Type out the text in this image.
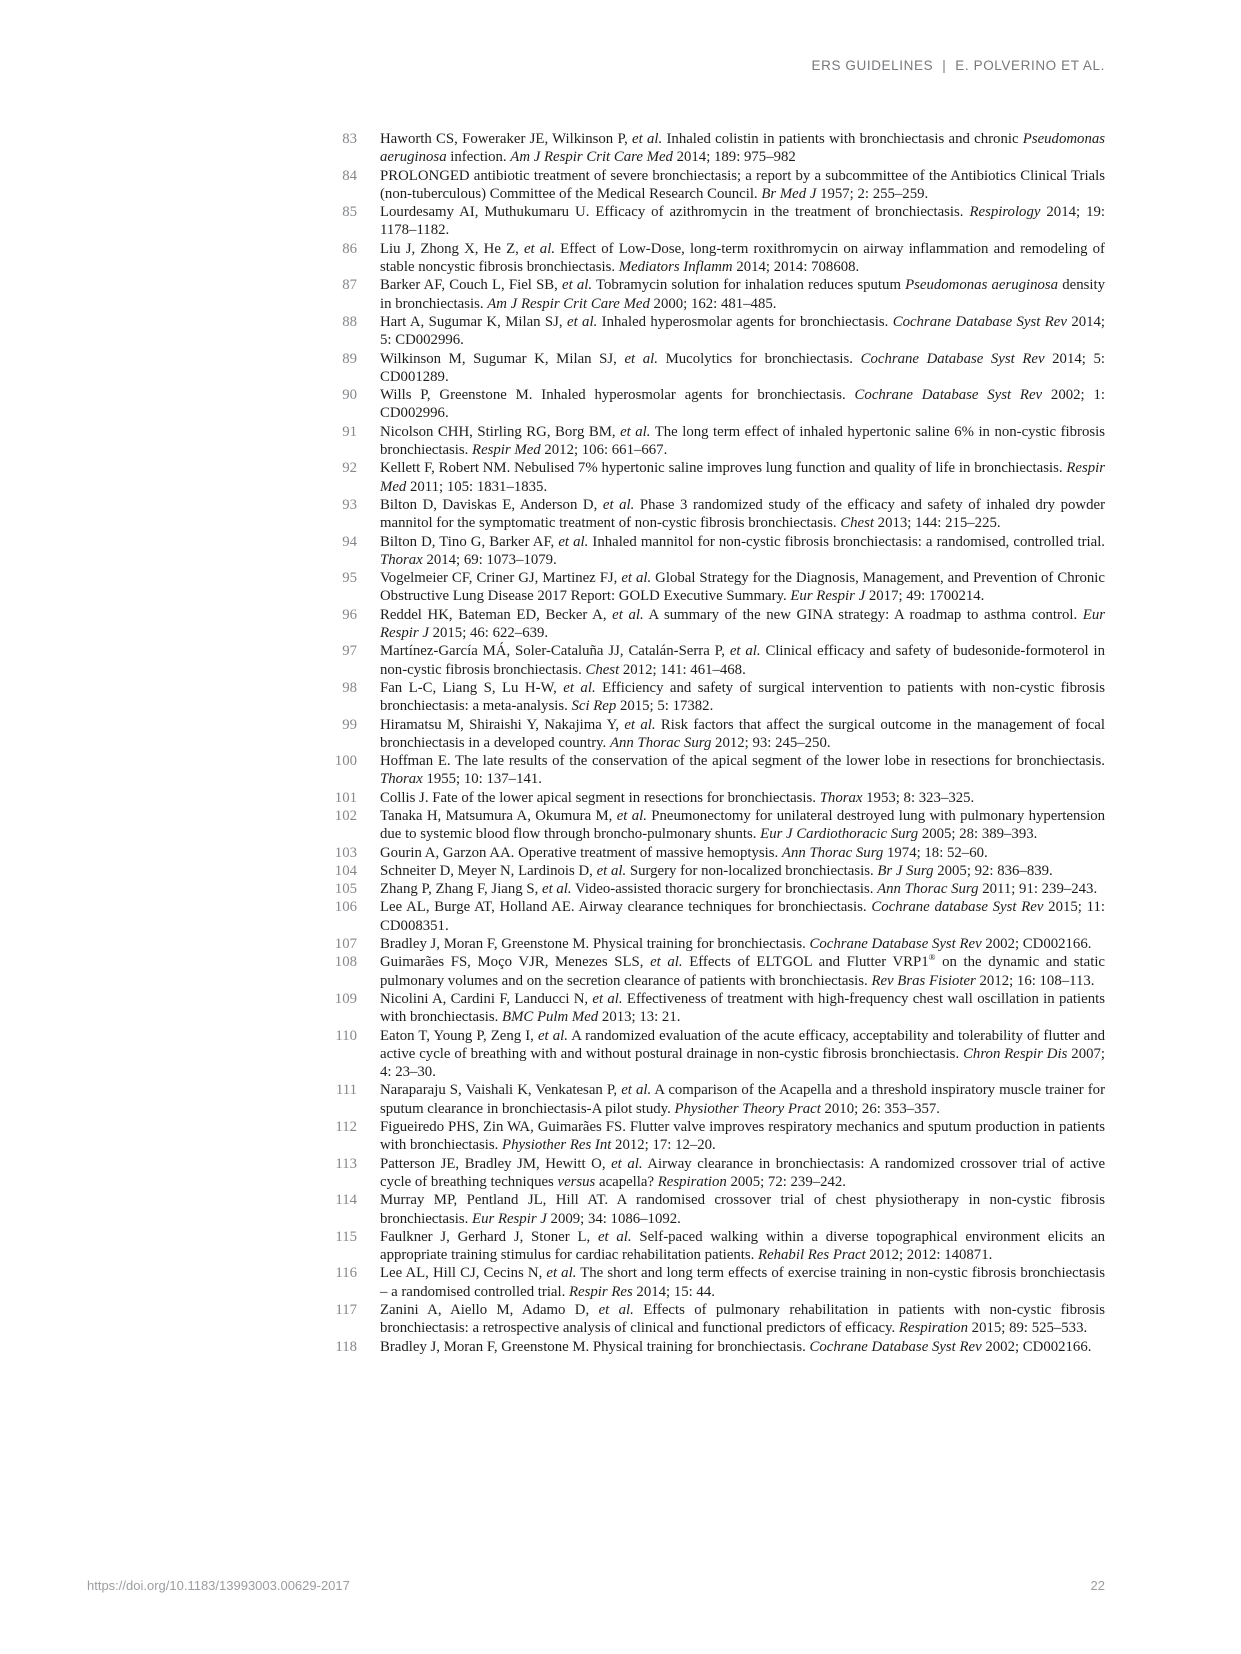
ERS GUIDELINES | E. POLVERINO ET AL.
83 Haworth CS, Foweraker JE, Wilkinson P, et al. Inhaled colistin in patients with bronchiectasis and chronic Pseudomonas aeruginosa infection. Am J Respir Crit Care Med 2014; 189: 975–982
84 PROLONGED antibiotic treatment of severe bronchiectasis; a report by a subcommittee of the Antibiotics Clinical Trials (non-tuberculous) Committee of the Medical Research Council. Br Med J 1957; 2: 255–259.
85 Lourdesamy AI, Muthukumaru U. Efficacy of azithromycin in the treatment of bronchiectasis. Respirology 2014; 19: 1178–1182.
86 Liu J, Zhong X, He Z, et al. Effect of Low-Dose, long-term roxithromycin on airway inflammation and remodeling of stable noncystic fibrosis bronchiectasis. Mediators Inflamm 2014; 2014: 708608.
87 Barker AF, Couch L, Fiel SB, et al. Tobramycin solution for inhalation reduces sputum Pseudomonas aeruginosa density in bronchiectasis. Am J Respir Crit Care Med 2000; 162: 481–485.
88 Hart A, Sugumar K, Milan SJ, et al. Inhaled hyperosmolar agents for bronchiectasis. Cochrane Database Syst Rev 2014; 5: CD002996.
89 Wilkinson M, Sugumar K, Milan SJ, et al. Mucolytics for bronchiectasis. Cochrane Database Syst Rev 2014; 5: CD001289.
90 Wills P, Greenstone M. Inhaled hyperosmolar agents for bronchiectasis. Cochrane Database Syst Rev 2002; 1: CD002996.
91 Nicolson CHH, Stirling RG, Borg BM, et al. The long term effect of inhaled hypertonic saline 6% in non-cystic fibrosis bronchiectasis. Respir Med 2012; 106: 661–667.
92 Kellett F, Robert NM. Nebulised 7% hypertonic saline improves lung function and quality of life in bronchiectasis. Respir Med 2011; 105: 1831–1835.
93 Bilton D, Daviskas E, Anderson D, et al. Phase 3 randomized study of the efficacy and safety of inhaled dry powder mannitol for the symptomatic treatment of non-cystic fibrosis bronchiectasis. Chest 2013; 144: 215–225.
94 Bilton D, Tino G, Barker AF, et al. Inhaled mannitol for non-cystic fibrosis bronchiectasis: a randomised, controlled trial. Thorax 2014; 69: 1073–1079.
95 Vogelmeier CF, Criner GJ, Martinez FJ, et al. Global Strategy for the Diagnosis, Management, and Prevention of Chronic Obstructive Lung Disease 2017 Report: GOLD Executive Summary. Eur Respir J 2017; 49: 1700214.
96 Reddel HK, Bateman ED, Becker A, et al. A summary of the new GINA strategy: A roadmap to asthma control. Eur Respir J 2015; 46: 622–639.
97 Martínez-García MÁ, Soler-Cataluña JJ, Catalán-Serra P, et al. Clinical efficacy and safety of budesonide-formoterol in non-cystic fibrosis bronchiectasis. Chest 2012; 141: 461–468.
98 Fan L-C, Liang S, Lu H-W, et al. Efficiency and safety of surgical intervention to patients with non-cystic fibrosis bronchiectasis: a meta-analysis. Sci Rep 2015; 5: 17382.
99 Hiramatsu M, Shiraishi Y, Nakajima Y, et al. Risk factors that affect the surgical outcome in the management of focal bronchiectasis in a developed country. Ann Thorac Surg 2012; 93: 245–250.
100 Hoffman E. The late results of the conservation of the apical segment of the lower lobe in resections for bronchiectasis. Thorax 1955; 10: 137–141.
101 Collis J. Fate of the lower apical segment in resections for bronchiectasis. Thorax 1953; 8: 323–325.
102 Tanaka H, Matsumura A, Okumura M, et al. Pneumonectomy for unilateral destroyed lung with pulmonary hypertension due to systemic blood flow through broncho-pulmonary shunts. Eur J Cardiothoracic Surg 2005; 28: 389–393.
103 Gourin A, Garzon AA. Operative treatment of massive hemoptysis. Ann Thorac Surg 1974; 18: 52–60.
104 Schneiter D, Meyer N, Lardinois D, et al. Surgery for non-localized bronchiectasis. Br J Surg 2005; 92: 836–839.
105 Zhang P, Zhang F, Jiang S, et al. Video-assisted thoracic surgery for bronchiectasis. Ann Thorac Surg 2011; 91: 239–243.
106 Lee AL, Burge AT, Holland AE. Airway clearance techniques for bronchiectasis. Cochrane database Syst Rev 2015; 11: CD008351.
107 Bradley J, Moran F, Greenstone M. Physical training for bronchiectasis. Cochrane Database Syst Rev 2002; CD002166.
108 Guimarães FS, Moço VJR, Menezes SLS, et al. Effects of ELTGOL and Flutter VRP1® on the dynamic and static pulmonary volumes and on the secretion clearance of patients with bronchiectasis. Rev Bras Fisioter 2012; 16: 108–113.
109 Nicolini A, Cardini F, Landucci N, et al. Effectiveness of treatment with high-frequency chest wall oscillation in patients with bronchiectasis. BMC Pulm Med 2013; 13: 21.
110 Eaton T, Young P, Zeng I, et al. A randomized evaluation of the acute efficacy, acceptability and tolerability of flutter and active cycle of breathing with and without postural drainage in non-cystic fibrosis bronchiectasis. Chron Respir Dis 2007; 4: 23–30.
111 Naraparaju S, Vaishali K, Venkatesan P, et al. A comparison of the Acapella and a threshold inspiratory muscle trainer for sputum clearance in bronchiectasis-A pilot study. Physiother Theory Pract 2010; 26: 353–357.
112 Figueiredo PHS, Zin WA, Guimarães FS. Flutter valve improves respiratory mechanics and sputum production in patients with bronchiectasis. Physiother Res Int 2012; 17: 12–20.
113 Patterson JE, Bradley JM, Hewitt O, et al. Airway clearance in bronchiectasis: A randomized crossover trial of active cycle of breathing techniques versus acapella? Respiration 2005; 72: 239–242.
114 Murray MP, Pentland JL, Hill AT. A randomised crossover trial of chest physiotherapy in non-cystic fibrosis bronchiectasis. Eur Respir J 2009; 34: 1086–1092.
115 Faulkner J, Gerhard J, Stoner L, et al. Self-paced walking within a diverse topographical environment elicits an appropriate training stimulus for cardiac rehabilitation patients. Rehabil Res Pract 2012; 2012: 140871.
116 Lee AL, Hill CJ, Cecins N, et al. The short and long term effects of exercise training in non-cystic fibrosis bronchiectasis – a randomised controlled trial. Respir Res 2014; 15: 44.
117 Zanini A, Aiello M, Adamo D, et al. Effects of pulmonary rehabilitation in patients with non-cystic fibrosis bronchiectasis: a retrospective analysis of clinical and functional predictors of efficacy. Respiration 2015; 89: 525–533.
118 Bradley J, Moran F, Greenstone M. Physical training for bronchiectasis. Cochrane Database Syst Rev 2002; CD002166.
https://doi.org/10.1183/13993003.00629-2017	22
